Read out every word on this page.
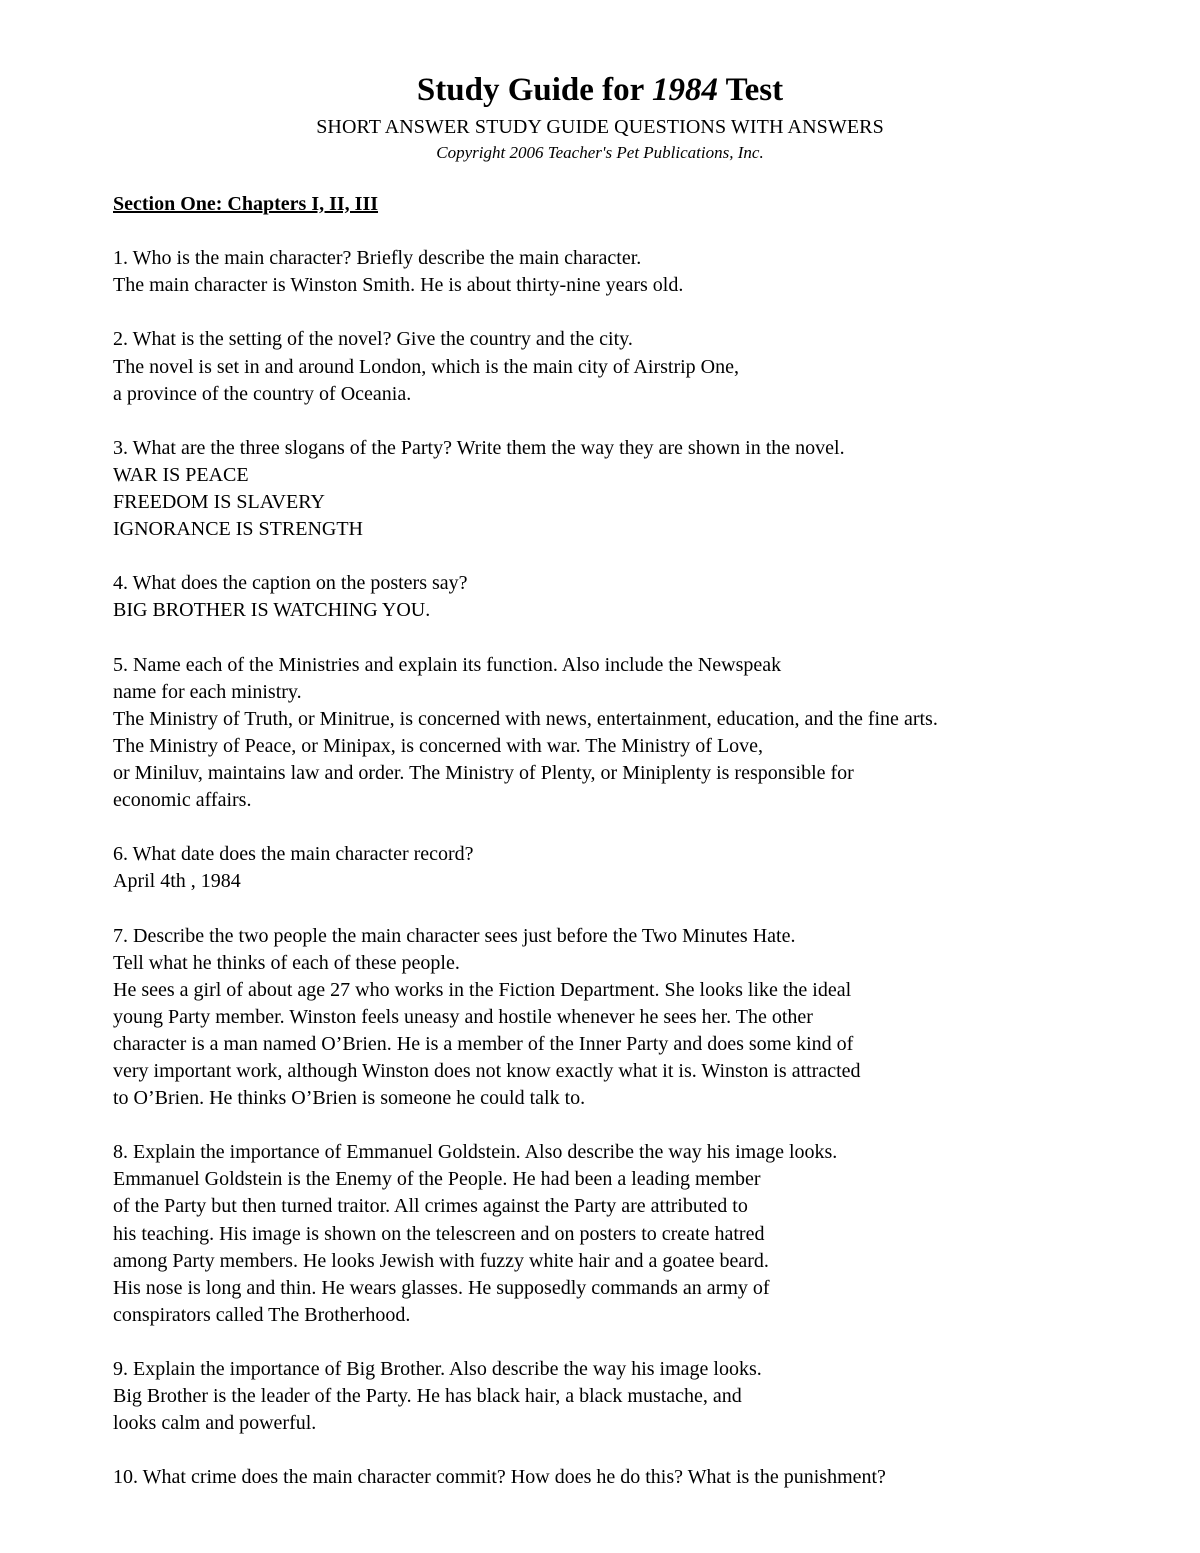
Study Guide for 1984 Test
SHORT ANSWER STUDY GUIDE QUESTIONS WITH ANSWERS
Copyright 2006 Teacher's Pet Publications, Inc.
Section One: Chapters I, II, III
1. Who is the main character? Briefly describe the main character.
The main character is Winston Smith. He is about thirty-nine years old.
2. What is the setting of the novel? Give the country and the city.
The novel is set in and around London, which is the main city of Airstrip One,
a province of the country of Oceania.
3. What are the three slogans of the Party? Write them the way they are shown in the novel.
WAR IS PEACE
FREEDOM IS SLAVERY
IGNORANCE IS STRENGTH
4. What does the caption on the posters say?
BIG BROTHER IS WATCHING YOU.
5. Name each of the Ministries and explain its function. Also include the Newspeak
name for each ministry.
The Ministry of Truth, or Minitrue, is concerned with news, entertainment, education, and the fine arts.
The Ministry of Peace, or Minipax, is concerned with war. The Ministry of Love,
or Miniluv, maintains law and order. The Ministry of Plenty, or Miniplenty is responsible for
economic affairs.
6. What date does the main character record?
April 4th , 1984
7. Describe the two people the main character sees just before the Two Minutes Hate.
Tell what he thinks of each of these people.
He sees a girl of about age 27 who works in the Fiction Department. She looks like the ideal
young Party member. Winston feels uneasy and hostile whenever he sees her. The other
character is a man named O’Brien. He is a member of the Inner Party and does some kind of
very important work, although Winston does not know exactly what it is. Winston is attracted
to O’Brien. He thinks O’Brien is someone he could talk to.
8. Explain the importance of Emmanuel Goldstein. Also describe the way his image looks.
Emmanuel Goldstein is the Enemy of the People. He had been a leading member
of the Party but then turned traitor. All crimes against the Party are attributed to
his teaching. His image is shown on the telescreen and on posters to create hatred
among Party members. He looks Jewish with fuzzy white hair and a goatee beard.
His nose is long and thin. He wears glasses. He supposedly commands an army of
conspirators called The Brotherhood.
9. Explain the importance of Big Brother. Also describe the way his image looks.
Big Brother is the leader of the Party. He has black hair, a black mustache, and
looks calm and powerful.
10. What crime does the main character commit? How does he do this? What is the punishment?
